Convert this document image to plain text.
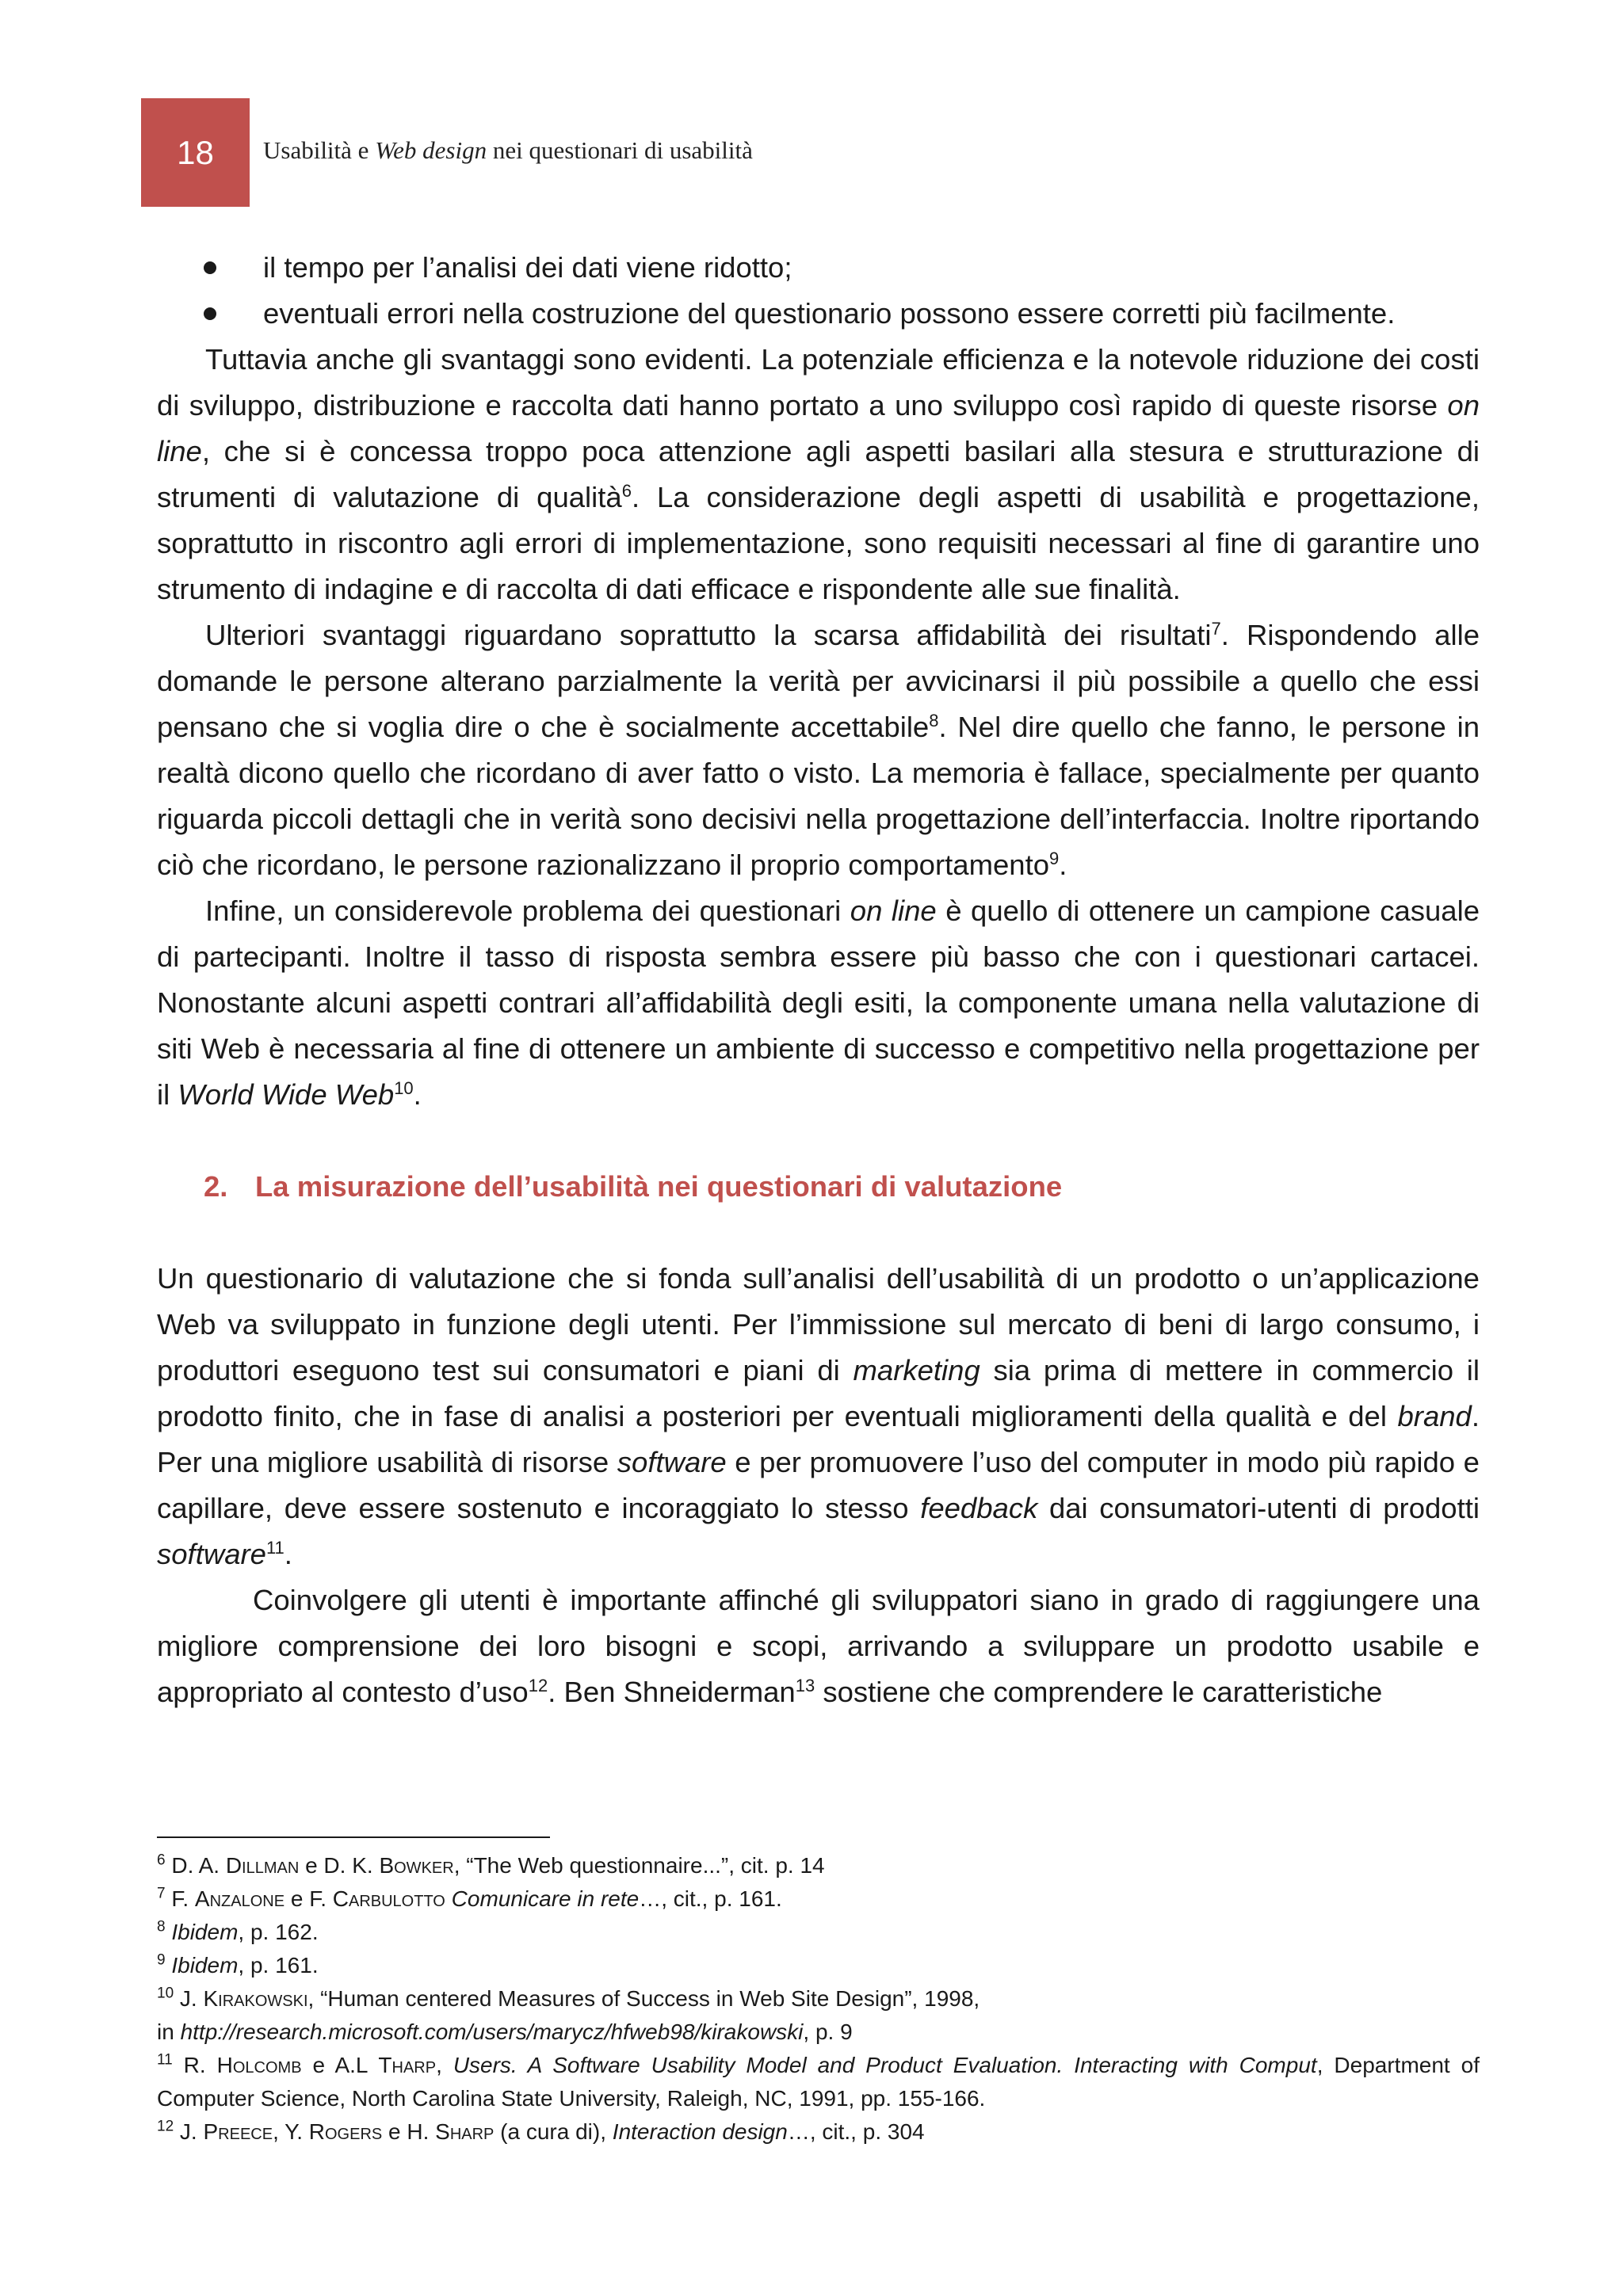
18 Usabilità e Web design nei questionari di usabilità
il tempo per l’analisi dei dati viene ridotto;
eventuali errori nella costruzione del questionario possono essere corretti più facilmente.

Tuttavia anche gli svantaggi sono evidenti. La potenziale efficienza e la notevole riduzione dei costi di sviluppo, distribuzione e raccolta dati hanno portato a uno sviluppo così rapido di queste risorse on line, che si è concessa troppo poca attenzione agli aspetti basilari alla stesura e strutturazione di strumenti di valutazione di qualità$^6$. La considerazione degli aspetti di usabilità e progettazione, soprattutto in riscontro agli errori di implementazione, sono requisiti necessari al fine di garantire uno strumento di indagine e di raccolta di dati efficace e rispondente alle sue finalità.

Ulteriori svantaggi riguardano soprattutto la scarsa affidabilità dei risultati$^7$. Rispondendo alle domande le persone alterano parzialmente la verità per avvicinarsi il più possibile a quello che essi pensano che si voglia dire o che è socialmente accettabile$^8$. Nel dire quello che fanno, le persone in realtà dicono quello che ricordano di aver fatto o visto. La memoria è fallace, specialmente per quanto riguarda piccoli dettagli che in verità sono decisivi nella progettazione dell’interfaccia. Inoltre riportando ciò che ricordano, le persone razionalizzano il proprio comportamento$^9$.

Infine, un considerevole problema dei questionari on line è quello di ottenere un campione casuale di partecipanti. Inoltre il tasso di risposta sembra essere più basso che con i questionari cartacei. Nonostante alcuni aspetti contrari all’affidabilità degli esiti, la componente umana nella valutazione di siti Web è necessaria al fine di ottenere un ambiente di successo e competitivo nella progettazione per il World Wide Web$^{10}$.

2. La misurazione dell’usabilità nei questionari di valutazione

Un questionario di valutazione che si fonda sull’analisi dell’usabilità di un prodotto o un’applicazione Web va sviluppato in funzione degli utenti. Per l’immissione sul mercato di beni di largo consumo, i produttori eseguono test sui consumatori e piani di marketing sia prima di mettere in commercio il prodotto finito, che in fase di analisi a posteriori per eventuali miglioramenti della qualità e del brand. Per una migliore usabilità di risorse software e per promuovere l’uso del computer in modo più rapido e capillare, deve essere sostenuto e incoraggiato lo stesso feedback dai consumatori-utenti di prodotti software$^{11}$.

Coinvolgere gli utenti è importante affinché gli sviluppatori siano in grado di raggiungere una migliore comprensione dei loro bisogni e scopi, arrivando a sviluppare un prodotto usabile e appropriato al contesto d’uso$^{12}$. Ben Shneiderman$^{13}$ sostiene che comprendere le caratteristiche

$^6$ D. A. Dillman e D. K. Bowker, “The Web questionnaire...”, cit. p. 14

$^7$ F. Anzalone e F. Carbulotto Comunicare in rete…, cit., p. 161.

$^8$ Ibidem, p. 162.

$^9$ Ibidem, p. 161.

$^{10}$ J. Kirakowski, “Human centered Measures of Success in Web Site Design”, 1998,
in http://research.microsoft.com/users/marycz/hfweb98/kirakowski, p. 9

$^{11}$ R. Holcomb e A.L Tharp, Users. A Software Usability Model and Product Evaluation. Interacting with Comput, Department of Computer Science, North Carolina State University, Raleigh, NC, 1991, pp. 155-166.

$^{12}$ J. Preece, Y. Rogers e H. Sharp (a cura di), Interaction design…, cit., p. 304
